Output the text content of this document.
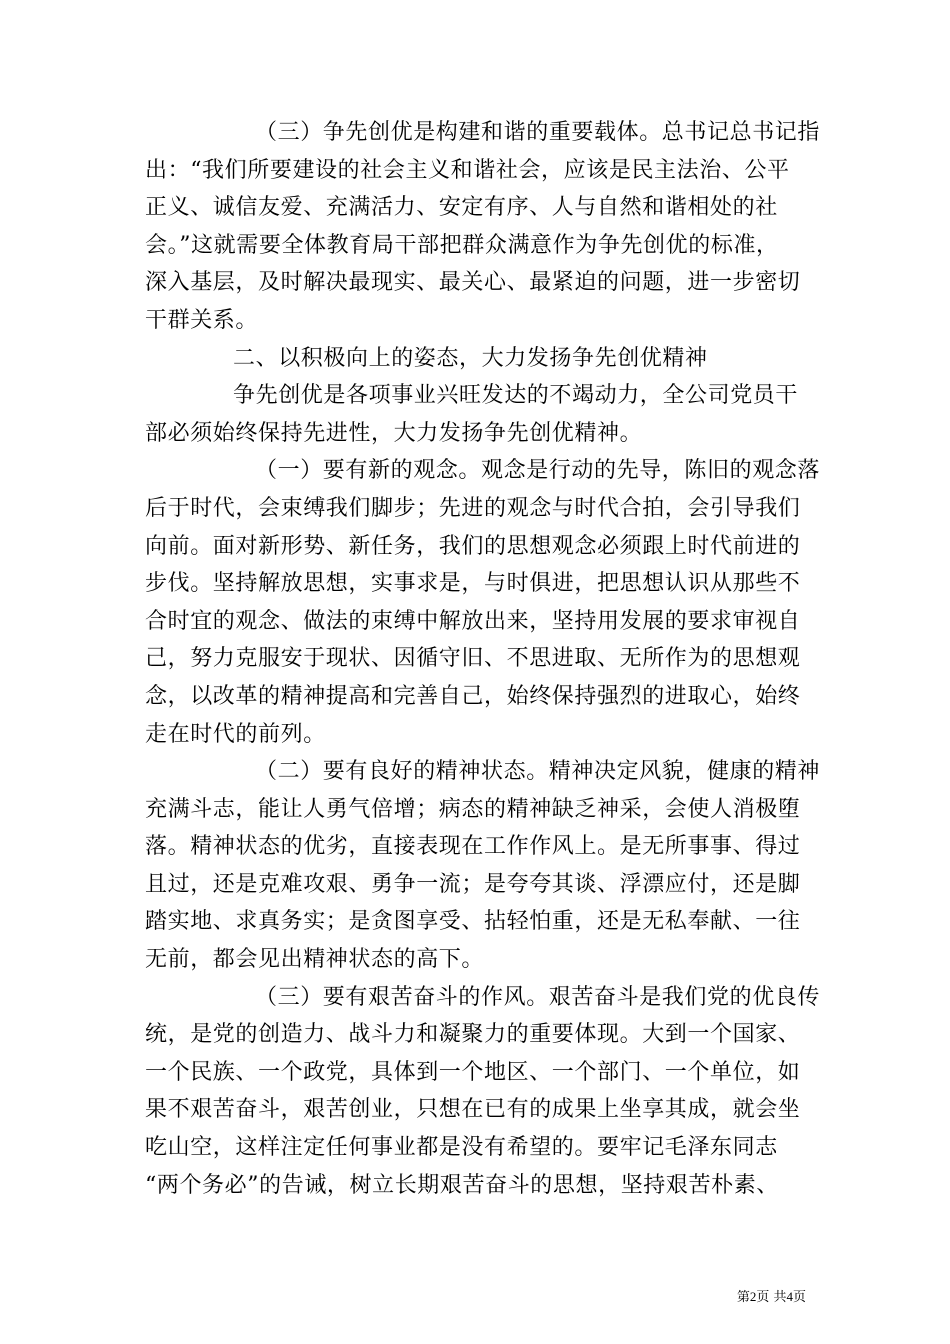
（三）争先创优是构建和谐的重要载体。总书记总书记指
出：“我们所要建设的社会主义和谐社会，应该是民主法治、公平
正义、诚信友爱、充满活力、安定有序、人与自然和谐相处的社
会。”这就需要全体教育局干部把群众满意作为争先创优的标准，
深入基层，及时解决最现实、最关心、最紧迫的问题，进一步密切
干群关系。
二、以积极向上的姿态，大力发扬争先创优精神
争先创优是各项事业兴旺发达的不竭动力，全公司党员干
部必须始终保持先进性，大力发扬争先创优精神。
（一）要有新的观念。观念是行动的先导，陈旧的观念落
后于时代，会束缚我们脚步；先进的观念与时代合拍，会引导我们
向前。面对新形势、新任务，我们的思想观念必须跟上时代前进的
步伐。坚持解放思想，实事求是，与时俱进，把思想认识从那些不
合时宜的观念、做法的束缚中解放出来，坚持用发展的要求审视自
己，努力克服安于现状、因循守旧、不思进取、无所作为的思想观
念，以改革的精神提高和完善自己，始终保持强烈的进取心，始终
走在时代的前列。
（二）要有良好的精神状态。精神决定风貌，健康的精神
充满斗志，能让人勇气倍增；病态的精神缺乏神采，会使人消极堕
落。精神状态的优劣，直接表现在工作作风上。是无所事事、得过
且过，还是克难攻艰、勇争一流；是夸夸其谈、浮漂应付，还是脚
踏实地、求真务实；是贪图享受、拈轻怕重，还是无私奉献、一往
无前，都会见出精神状态的高下。
（三）要有艰苦奋斗的作风。艰苦奋斗是我们党的优良传
统，是党的创造力、战斗力和凝聚力的重要体现。大到一个国家、
一个民族、一个政党，具体到一个地区、一个部门、一个单位，如
果不艰苦奋斗，艰苦创业，只想在已有的成果上坐享其成，就会坐
吃山空，这样注定任何事业都是没有希望的。要牢记毛泽东同志
“两个务必”的告诫，树立长期艰苦奋斗的思想，坚持艰苦朴素、
第2页 共4页
